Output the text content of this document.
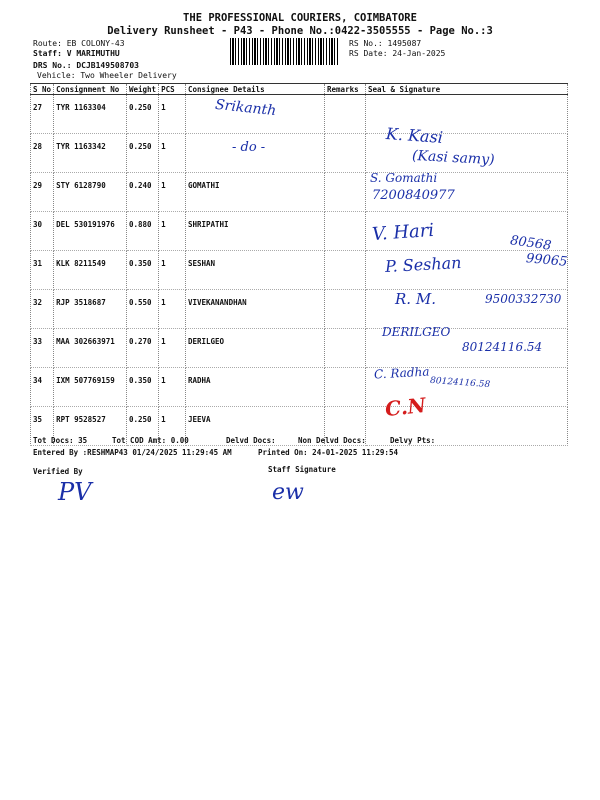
THE PROFESSIONAL COURIERS, COIMBATORE
Delivery Runsheet - P43 - Phone No.:0422-3505555 - Page No.:3
Route: EB COLONY-43
Staff: V MARIMUTHU
DRS No.: DCJB149508703
Vehicle: Two Wheeler Delivery
RS No.: 1495087
RS Date: 24-Jan-2025
S No	Consignment No	Weight	PCS	Consignee Details	Remarks	Seal & Signature
27	TYR 1163304	0.250	1			
28	TYR 1163342	0.250	1			
29	STY 6128790	0.240	1	GOMATHI		
30	DEL 530191976	0.880	1	SHRIPATHI		
31	KLK 8211549	0.350	1	SESHAN		
32	RJP 3518687	0.550	1	VIVEKANANDHAN		
33	MAA 302663971	0.270	1	DERILGEO		
34	IXM 507769159	0.350	1	RADHA		
35	RPT 9528527	0.250	1	JEEVA		
Srikanth
- do -
K. Kasi
(Kasi samy)
S. Gomathi
7200840977
V. Hari	80568
99065
P. Seshan
R. M.	9500332730
DERILGEO
80124116.54
C. Radha
80124116.58
C.N
Tot Docs: 35	Tot COD Amt: 0.00	Delvd Docs:	Non Delvd Docs:	Delvy Pts:
Entered By :RESHMAP43 01/24/2025 11:29:45 AM	Printed On: 24-01-2025 11:29:54
Verified By	Staff Signature
PV	ew
